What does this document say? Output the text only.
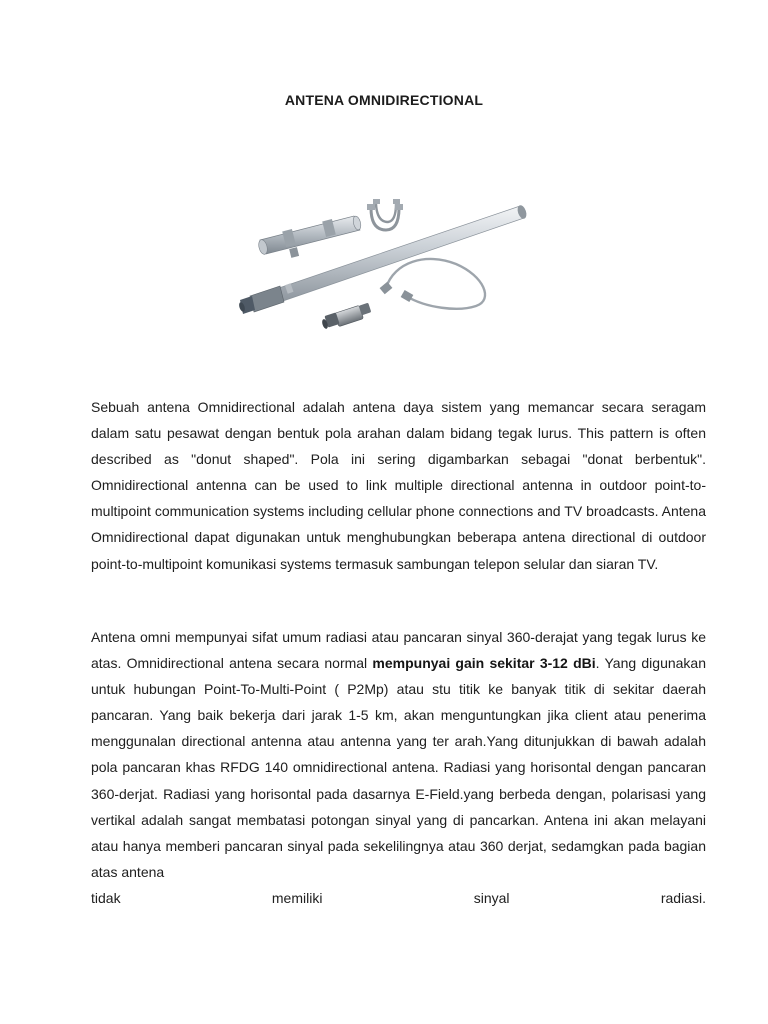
ANTENA OMNIDIRECTIONAL

Sebuah antena Omnidirectional adalah antena daya sistem yang memancar secara seragam dalam satu pesawat dengan bentuk pola arahan dalam bidang tegak lurus. This pattern is often described as "donut shaped". Pola ini sering digambarkan sebagai "donat berbentuk". Omnidirectional antenna can be used to link multiple directional antenna in outdoor point-to-multipoint communication systems including cellular phone connections and TV broadcasts. Antena Omnidirectional dapat digunakan untuk menghubungkan beberapa antena directional di outdoor point-to-multipoint komunikasi systems termasuk sambungan telepon selular dan siaran TV.

Antena omni mempunyai sifat umum radiasi atau pancaran sinyal 360-derajat yang tegak lurus ke atas. Omnidirectional antena secara normal mempunyai gain sekitar 3-12 dBi. Yang digunakan untuk hubungan Point-To-Multi-Point ( P2Mp) atau stu titik ke banyak titik di sekitar daerah pancaran. Yang baik bekerja dari jarak 1-5 km, akan menguntungkan jika client atau penerima menggunalan directional antenna atau antenna yang ter arah.Yang ditunjukkan di bawah adalah pola pancaran khas RFDG 140 omnidirectional antena. Radiasi yang horisontal dengan pancaran 360-derjat. Radiasi yang horisontal pada dasarnya E-Field.yang berbeda dengan, polarisasi yang vertikal adalah sangat membatasi potongan sinyal yang di pancarkan. Antena ini akan melayani atau hanya memberi pancaran sinyal pada sekelilingnya atau 360 derjat, sedamgkan pada bagian atas antena

tidak	memiliki	sinyal	radiasi.
